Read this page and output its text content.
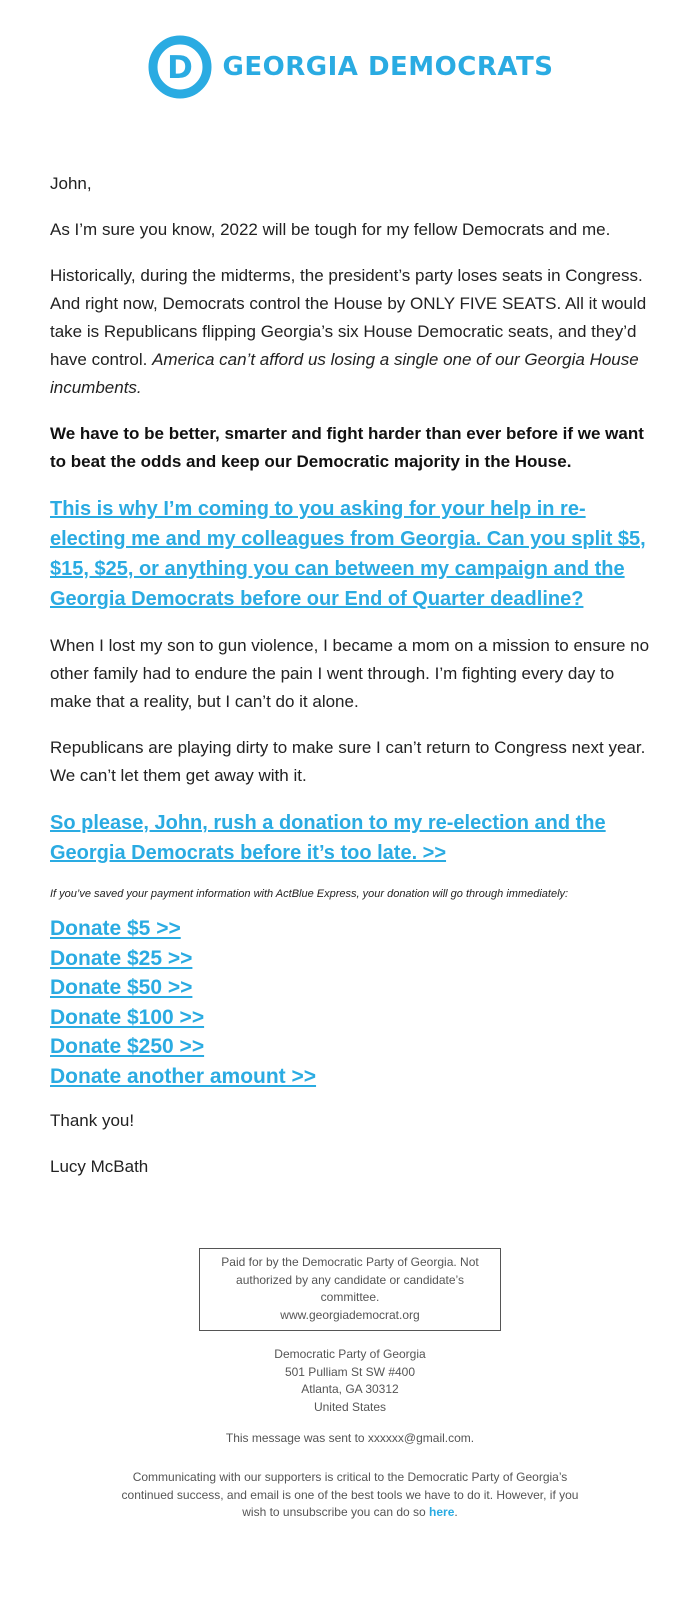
D GEORGIA DEMOCRATS

John,

As I’m sure you know, 2022 will be tough for my fellow Democrats and me.

Historically, during the midterms, the president’s party loses seats in Congress. And right now, Democrats control the House by ONLY FIVE SEATS. All it would take is Republicans flipping Georgia’s six House Democratic seats, and they’d have control. America can’t afford us losing a single one of our Georgia House incumbents.

We have to be better, smarter and fight harder than ever before if we want to beat the odds and keep our Democratic majority in the House.

This is why I’m coming to you asking for your help in re-electing me and my colleagues from Georgia. Can you split $5, $15, $25, or anything you can between my campaign and the Georgia Democrats before our End of Quarter deadline?

When I lost my son to gun violence, I became a mom on a mission to ensure no other family had to endure the pain I went through. I’m fighting every day to make that a reality, but I can’t do it alone.

Republicans are playing dirty to make sure I can’t return to Congress next year. We can’t let them get away with it.

So please, John, rush a donation to my re-election and the Georgia Democrats before it’s too late. >>
If you’ve saved your payment information with ActBlue Express, your donation will go through immediately:
Donate $5 >>
Donate $25 >>
Donate $50 >>
Donate $100 >>
Donate $250 >>
Donate another amount >>

Thank you!

Lucy McBath

Paid for by the Democratic Party of Georgia. Not
authorized by any candidate or candidate’s committee.
www.georgiademocrat.org
Democratic Party of Georgia
501 Pulliam St SW #400
Atlanta, GA 30312
United States
This message was sent to xxxxxx@gmail.com.
Communicating with our supporters is critical to the Democratic Party of Georgia’s continued success, and email is one of the best tools we have to do it. However, if you wish to unsubscribe you can do so here.
